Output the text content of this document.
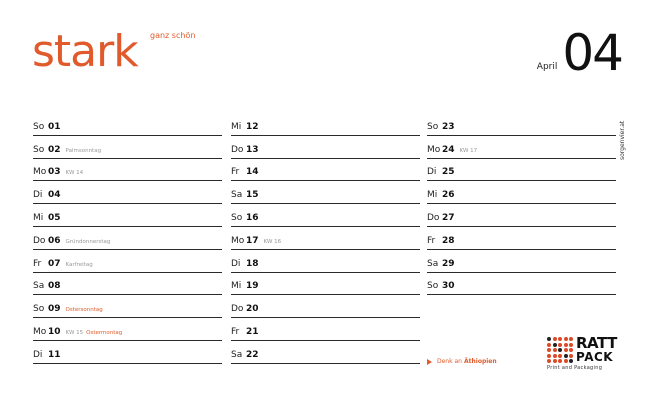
stark ganz schön
April 04
So 01
So 02 Palmsonntag
Mo 03 KW 14
Di 04
Mi 05
Do 06 Gründonnerstag
Fr 07 Karfreitag
Sa 08
So 09 Ostersonntag
Mo 10 KW 15 Ostermontag
Di 11
Mi 12
Do 13
Fr 14
Sa 15
So 16
Mo 17 KW 16
Di 18
Mi 19
Do 20
Fr 21
Sa 22
So 23
Mo 24 KW 17
Di 25
Mi 26
Do 27
Fr 28
Sa 29
So 30
sorgenvier.at
Denk an Äthiopien
RATT
PACK
Print and Packaging
